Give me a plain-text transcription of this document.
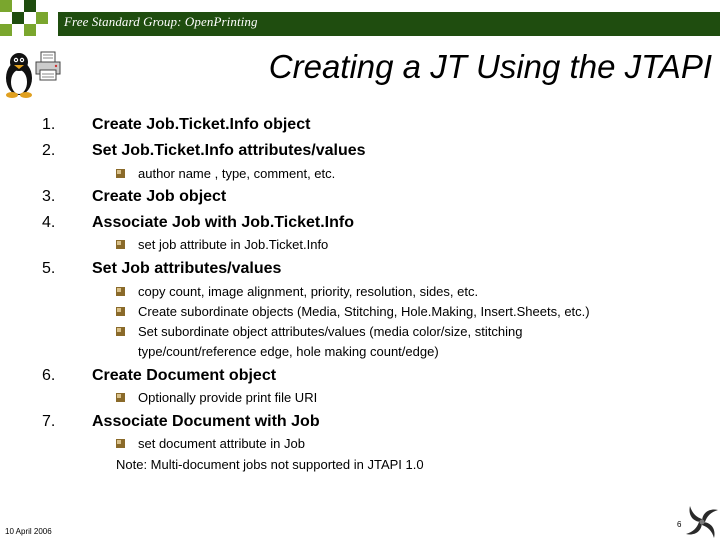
Free Standard Group: OpenPrinting
Creating a JT Using the JTAPI
1. Create Job.Ticket.Info object
2. Set Job.Ticket.Info attributes/values
author name , type, comment, etc.
3. Create Job object
4. Associate Job with Job.Ticket.Info
set job attribute in Job.Ticket.Info
5. Set Job attributes/values
copy count, image alignment, priority, resolution, sides, etc.
Create subordinate objects (Media, Stitching, Hole.Making, Insert.Sheets, etc.)
Set subordinate object attributes/values (media color/size, stitching
type/count/reference edge, hole making count/edge)
6. Create Document object
Optionally provide print file URI
7. Associate Document with Job
set document attribute in Job
Note: Multi-document jobs not supported in JTAPI 1.0
10 April 2006
6
